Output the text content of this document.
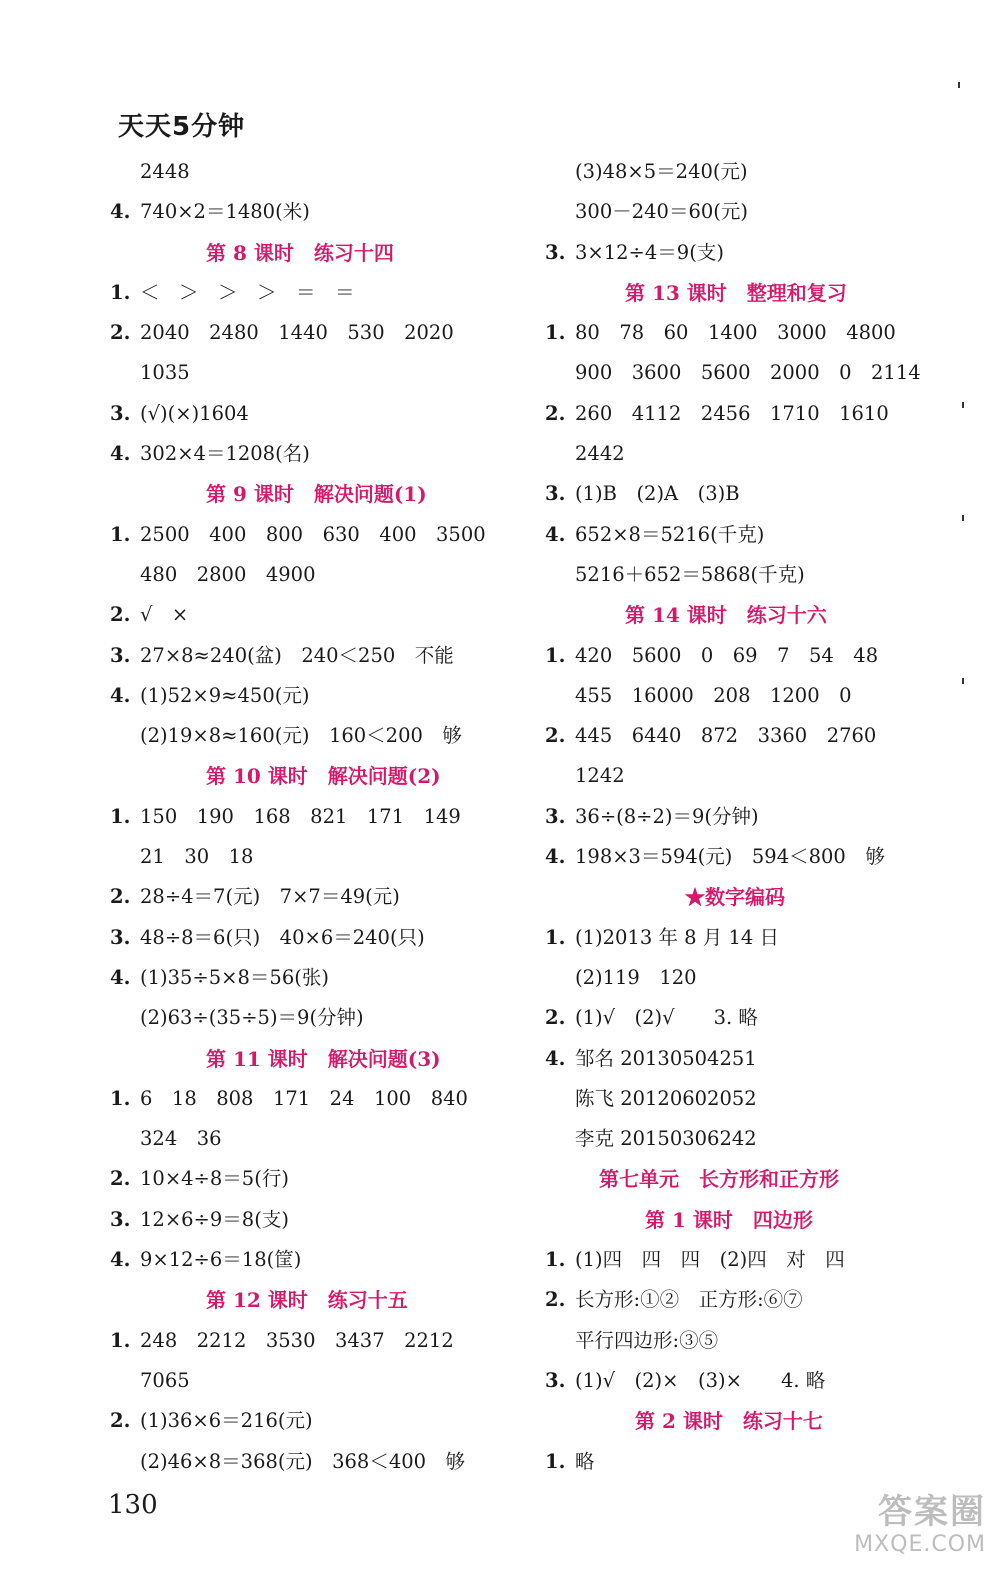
天天5分钟
2448
4. 740×2＝1480(米)
第 8 课时　练习十四
1. ＜　＞　＞　＞　＝　＝
2. 2040　2480　1440　530　2020
1035
3. (√)(×)1604
4. 302×4＝1208(名)
第 9 课时　解决问题(1)
1. 2500　400　800　630　400　3500
480　2800　4900
2. √　×
3. 27×8≈240(盆)　240＜250　不能
4. (1)52×9≈450(元)
(2)19×8≈160(元)　160＜200　够
第 10 课时　解决问题(2)
1. 150　190　168　821　171　149
21　30　18
2. 28÷4＝7(元)　7×7＝49(元)
3. 48÷8＝6(只)　40×6＝240(只)
4. (1)35÷5×8＝56(张)
(2)63÷(35÷5)＝9(分钟)
第 11 课时　解决问题(3)
1. 6　18　808　171　24　100　840
324　36
2. 10×4÷8＝5(行)
3. 12×6÷9＝8(支)
4. 9×12÷6＝18(筐)
第 12 课时　练习十五
1. 248　2212　3530　3437　2212
7065
2. (1)36×6＝216(元)
(2)46×8＝368(元)　368＜400　够
(3)48×5＝240(元)
300－240＝60(元)
3. 3×12÷4＝9(支)
第 13 课时　整理和复习
1. 80　78　60　1400　3000　4800
900　3600　5600　2000　0　2114
2. 260　4112　2456　1710　1610
2442
3. (1)B　(2)A　(3)B
4. 652×8＝5216(千克)
5216＋652＝5868(千克)
第 14 课时　练习十六
1. 420　5600　0　69　7　54　48
455　16000　208　1200　0
2. 445　6440　872　3360　2760
1242
3. 36÷(8÷2)＝9(分钟)
4. 198×3＝594(元)　594＜800　够
★数字编码
1. (1)2013 年 8 月 14 日
(2)119　120
2. (1)√　(2)√　　3. 略
4. 邹名 20130504251
陈飞 20120602052
李克 20150306242
第七单元　长方形和正方形
第 1 课时　四边形
1. (1)四　四　四　(2)四　对　四
2. 长方形:①②　正方形:⑥⑦
平行四边形:③⑤
3. (1)√　(2)×　(3)×　　4. 略
第 2 课时　练习十七
1. 略
130	答案圈
MXQE.COM
